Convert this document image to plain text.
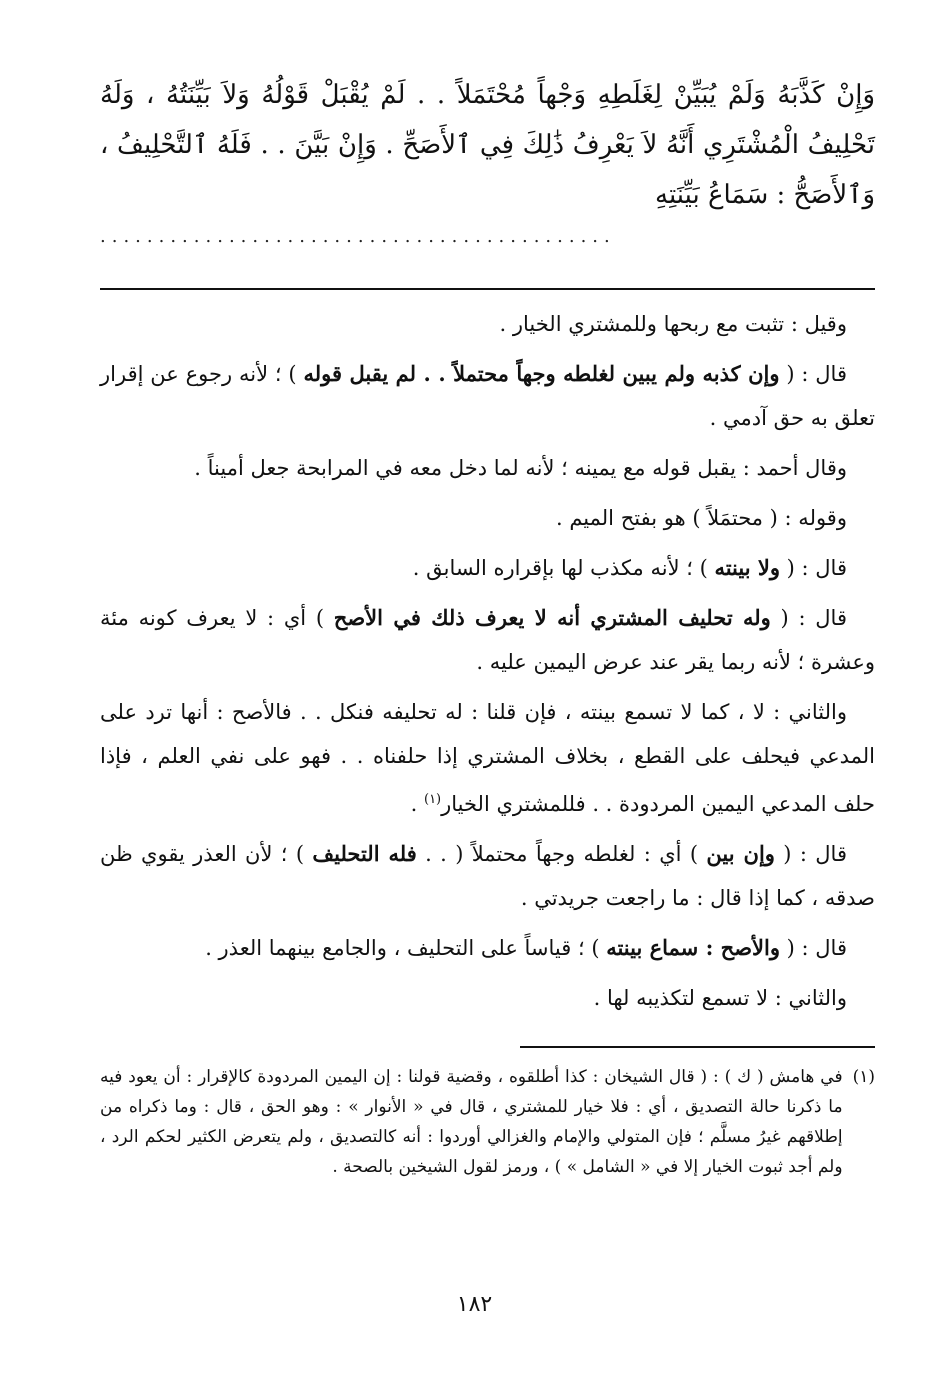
وَإِنْ كَذَّبَهُ وَلَمْ يُبَيِّنْ لِغَلَطِهِ وَجْهاً مُحْتَمَلاً . . لَمْ يُقْبَلْ قَوْلُهُ وَلاَ بَيِّنَتُهُ ، وَلَهُ تَحْلِيفُ الْمُشْتَرِي أَنَّهُ لاَ يَعْرِفُ ذَٰلِكَ فِي ٱلأَصَحِّ . وَإِنْ بَيَّنَ . . فَلَهُ ٱلتَّحْلِيفُ ، وَٱلأَصَحُّ : سَمَاعُ بَيِّنَتِهِ
............................................

وقيل : تثبت مع ربحها وللمشتري الخيار .

قال : ( وإن كذبه ولم يبين لغلطه وجهاً محتملاً . . لم يقبل قوله ) ؛ لأنه رجوع عن إقرار تعلق به حق آدمي .

وقال أحمد : يقبل قوله مع يمينه ؛ لأنه لما دخل معه في المرابحة جعل أميناً .

وقوله : ( محتمَلاً ) هو بفتح الميم .

قال : ( ولا بينته ) ؛ لأنه مكذب لها بإقراره السابق .

قال : ( وله تحليف المشتري أنه لا يعرف ذلك في الأصح ) أي : لا يعرف كونه مئة وعشرة ؛ لأنه ربما يقر عند عرض اليمين عليه .

والثاني : لا ، كما لا تسمع بينته ، فإن قلنا : له تحليفه فنكل . . فالأصح : أنها ترد على المدعي فيحلف على القطع ، بخلاف المشتري إذا حلفناه . . فهو على نفي العلم ، فإذا حلف المدعي اليمين المردودة . . فللمشتري الخيار$^{(١)}$ .

قال : ( وإن بين ) أي : لغلطه وجهاً محتملاً ( . . فله التحليف ) ؛ لأن العذر يقوي ظن صدقه ، كما إذا قال : ما راجعت جريدتي .

قال : ( والأصح : سماع بينته ) ؛ قياساً على التحليف ، والجامع بينهما العذر .

والثاني : لا تسمع لتكذيبه لها .

(١)
في هامش ( ك ) : ( قال الشيخان : كذا أطلقوه ، وقضية قولنا : إن اليمين المردودة كالإقرار : أن يعود فيه ما ذكرنا حالة التصديق ، أي : فلا خيار للمشتري ، قال في « الأنوار » : وهو الحق ، قال : وما ذكراه من إطلاقهم غيرُ مسلَّم ؛ فإن المتولي والإمام والغزالي أوردوا : أنه كالتصديق ، ولم يتعرض الكثير لحكم الرد ، ولم أجد ثبوت الخيار إلا في « الشامل » ) ، ورمز لقول الشيخين بالصحة .
١٨٢
